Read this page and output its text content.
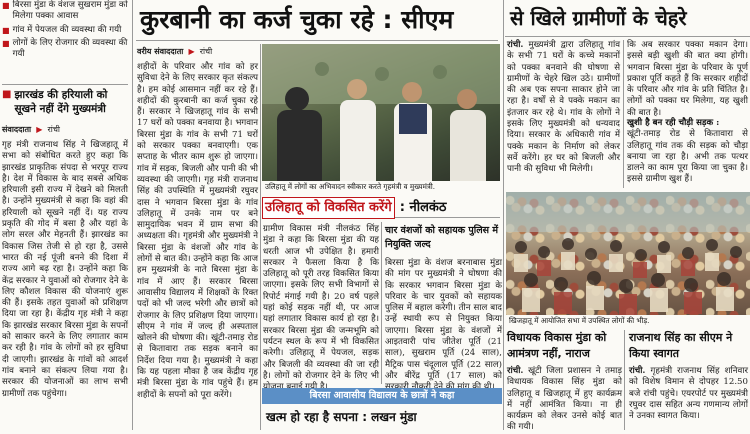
■ बिरसा मुंडा के वंशज सुखराम मुंडा को मिलेगा पक्का आवास
■ गांव में पेयजल की व्यवस्था की गयी
■ लोगों के लिए रोजगार की व्यवस्था की गयी
■ झारखंड की हरियाली को सूखने नहीं देंगे मुख्यमंत्री
संवाददाता  ▶  रांची
गृह मंत्री राजनाथ सिंह ने खिजहातू में सभा को संबोधित करते हुए कहा कि झारखंड प्राकृतिक संपदा से भरपूर राज्य है। देश में विकास के बाद सबसे अधिक हरियाली इसी राज्य में देखने को मिलती है। उन्होंने मुख्यमंत्री से कहा कि वहां की हरियाली को सूखने नहीं दें। यह राज्य प्रकृति की गोद में बसा है और यहां के लोग सरल और मेहनती हैं। झारखंड का विकास जिस तेजी से हो रहा है, उससे भारत की नई पूंजी बनने की दिशा में राज्य आगे बढ़ रहा है। उन्होंने कहा कि केंद्र सरकार ने युवाओं को रोजगार देने के लिए कौशल विकास की योजनाएं शुरू की हैं। इसके तहत युवाओं को प्रशिक्षण दिया जा रहा है। केंद्रीय गृह मंत्री ने कहा कि झारखंड सरकार बिरसा मुंडा के सपनों को साकार करने के लिए लगातार काम कर रही है। गांव के लोगों को हर सुविधा दी जाएगी। झारखंड के गांवों को आदर्श गांव बनाने का संकल्प लिया गया है। सरकार की योजनाओं का लाभ सभी ग्रामीणों तक पहुंचेगा।
कुरबानी का कर्ज चुका रहे : सीएम
वरीय संवाददाता  ▶  रांची
शहीदों के परिवार और गांव को हर सुविधा देने के लिए सरकार कृत संकल्प है। हम कोई आसमान नहीं कर रहे हैं। शहीदों की कुरबानी का कर्ज चुका रहे हैं। सरकार ने खिजहातू गांव के सभी 17 घरों को पक्का बनवाया है। भगवान बिरसा मुंडा के गांव के सभी 71 घरों को सरकार पक्का बनवाएगी। एक सप्ताह के भीतर काम शुरू हो जाएगा। गांव में सड़क, बिजली और पानी की भी व्यवस्था की जाएगी। गृह मंत्री राजनाथ सिंह की उपस्थिति में मुख्यमंत्री रघुवर दास ने भगवान बिरसा मुंडा के गांव उलिहातू में उनके नाम पर बने सामुदायिक भवन में ग्राम सभा की अध्यक्षता की। गृहमंत्री और मुख्यमंत्री ने बिरसा मुंडा के वंशजों और गांव के लोगों से बात की। उन्होंने कहा कि आज हम मुख्यमंत्री के नाते बिरसा मुंडा के गांव में आए हैं। सरकार बिरसा आवासीय विद्यालय में शिक्षकों के रिक्त पदों को भी जल्द भरेगी और छात्रों को रोजगार के लिए प्रशिक्षण दिया जाएगा। सीएम ने गांव में जल्द ही अस्पताल खोलने की घोषणा की। खूंटी-तमाड़ रोड से कितावारा तक सड़क बनाने का निर्देश दिया गया है। मुख्यमंत्री ने कहा कि यह पहला मौका है जब केंद्रीय गृह मंत्री बिरसा मुंडा के गांव पहुंचे हैं। हम शहीदों के सपनों को पूरा करेंगे।
उलिहातू में लोगों का अभिवादन स्वीकार करते गृहमंत्री व मुख्यमंत्री.
उलिहातू को विकसित करेंगे : नीलकंठ
ग्रामीण विकास मंत्री नीलकंठ सिंह मुंडा ने कहा कि बिरसा मुंडा की यह धरती आज भी उपेक्षित है। हमारी सरकार ने फैसला किया है कि उलिहातू को पूरी तरह विकसित किया जाएगा। इसके लिए सभी विभागों से रिपोर्ट मंगाई गयी है। 20 वर्ष पहले यहां कोई सड़क नहीं थी, पर आज यहां लगातार विकास कार्य हो रहा है। सरकार बिरसा मुंडा की जन्मभूमि को पर्यटन स्थल के रूप में भी विकसित करेगी। उलिहातू में पेयजल, सड़क और बिजली की व्यवस्था की जा रही है। लोगों को रोजगार देने के लिए भी
चार वंशजों को सहायक पुलिस में नियुक्ति जल्द
बिरसा मुंडा के वंशज बरनाबास मुंडा की मांग पर मुख्यमंत्री ने घोषणा की कि सरकार भगवान बिरसा मुंडा के परिवार के चार युवकों को सहायक पुलिस में बहाल करेगी। तीन साल बाद उन्हें स्थायी रूप से नियुक्त किया जाएगा। बिरसा मुंडा के वंशजों में आइतवारी पांच जीतेश पूर्ति (21 साल), सुखराम पूर्ति (24 साल), मैट्रिक पास चंदूलाल पूर्ति (22 साल) और बीरेंद्र पूर्ति (17 साल) को
बिरसा आवासीय विद्यालय के छात्रों ने कहा
खत्म हो रहा है सपना : लखन मुंडा
से खिले ग्रामीणों के चेहरे
रांची. मुख्यमंत्री द्वारा उलिहातू गांव के सभी 71 घरों के कच्चे मकानों को पक्का बनवाने की घोषणा से ग्रामीणों के चेहरे खिल उठे। ग्रामीणों की अब एक सपना साकार होने जा रहा है। वर्षों से वे पक्के मकान का इंतजार कर रहे थे। गांव के लोगों ने इसके लिए मुख्यमंत्री को धन्यवाद दिया। सरकार के अधिकारी गांव में पक्के मकान के निर्माण को लेकर सर्वे करेंगे। हर घर को बिजली और पानी की सुविधा भी मिलेगी।
कि अब सरकार पक्का मकान देगा। इससे बड़ी खुशी की बात क्या होगी। भगवान बिरसा मुंडा के परिवार के पूर्ण प्रकाश पूर्ति कहते हैं कि सरकार शहीदों के परिवार और गांव के प्रति चिंतित है। लोगों को पक्का घर मिलेगा, यह खुशी की बात है।
खुशी है बन रही चौड़ी सड़क :
खूंटी-तमाड़ रोड से कितावारा से उलिहातू गांव तक की सड़क को चौड़ा बनाया जा रहा है। अभी तक पत्थर डालने का काम पूरा किया जा चुका है। इससे ग्रामीण खुश हैं।
खिजहातू में आयोजित सभा में उपस्थित लोगों की भीड़.
विधायक विकास मुंडा को आमंत्रण नहीं, नाराज
रांची. खूंटी जिला प्रशासन ने तमाड़ विधायक विकास सिंह मुंडा को उलिहातू व खिजहातू में हुए कार्यक्रम में नहीं आमंत्रित किया। ना ही कार्यक्रम को लेकर उनसे कोई बात की गयी।
राजनाथ सिंह का सीएम ने किया स्वागत
रांची. गृहमंत्री राजनाथ सिंह शनिवार को विशेष विमान से दोपहर 12.50 बजे रांची पहुंचे। एयरपोर्ट पर मुख्यमंत्री रघुवर दास सहित अन्य गणमान्य लोगों ने उनका स्वागत किया।
